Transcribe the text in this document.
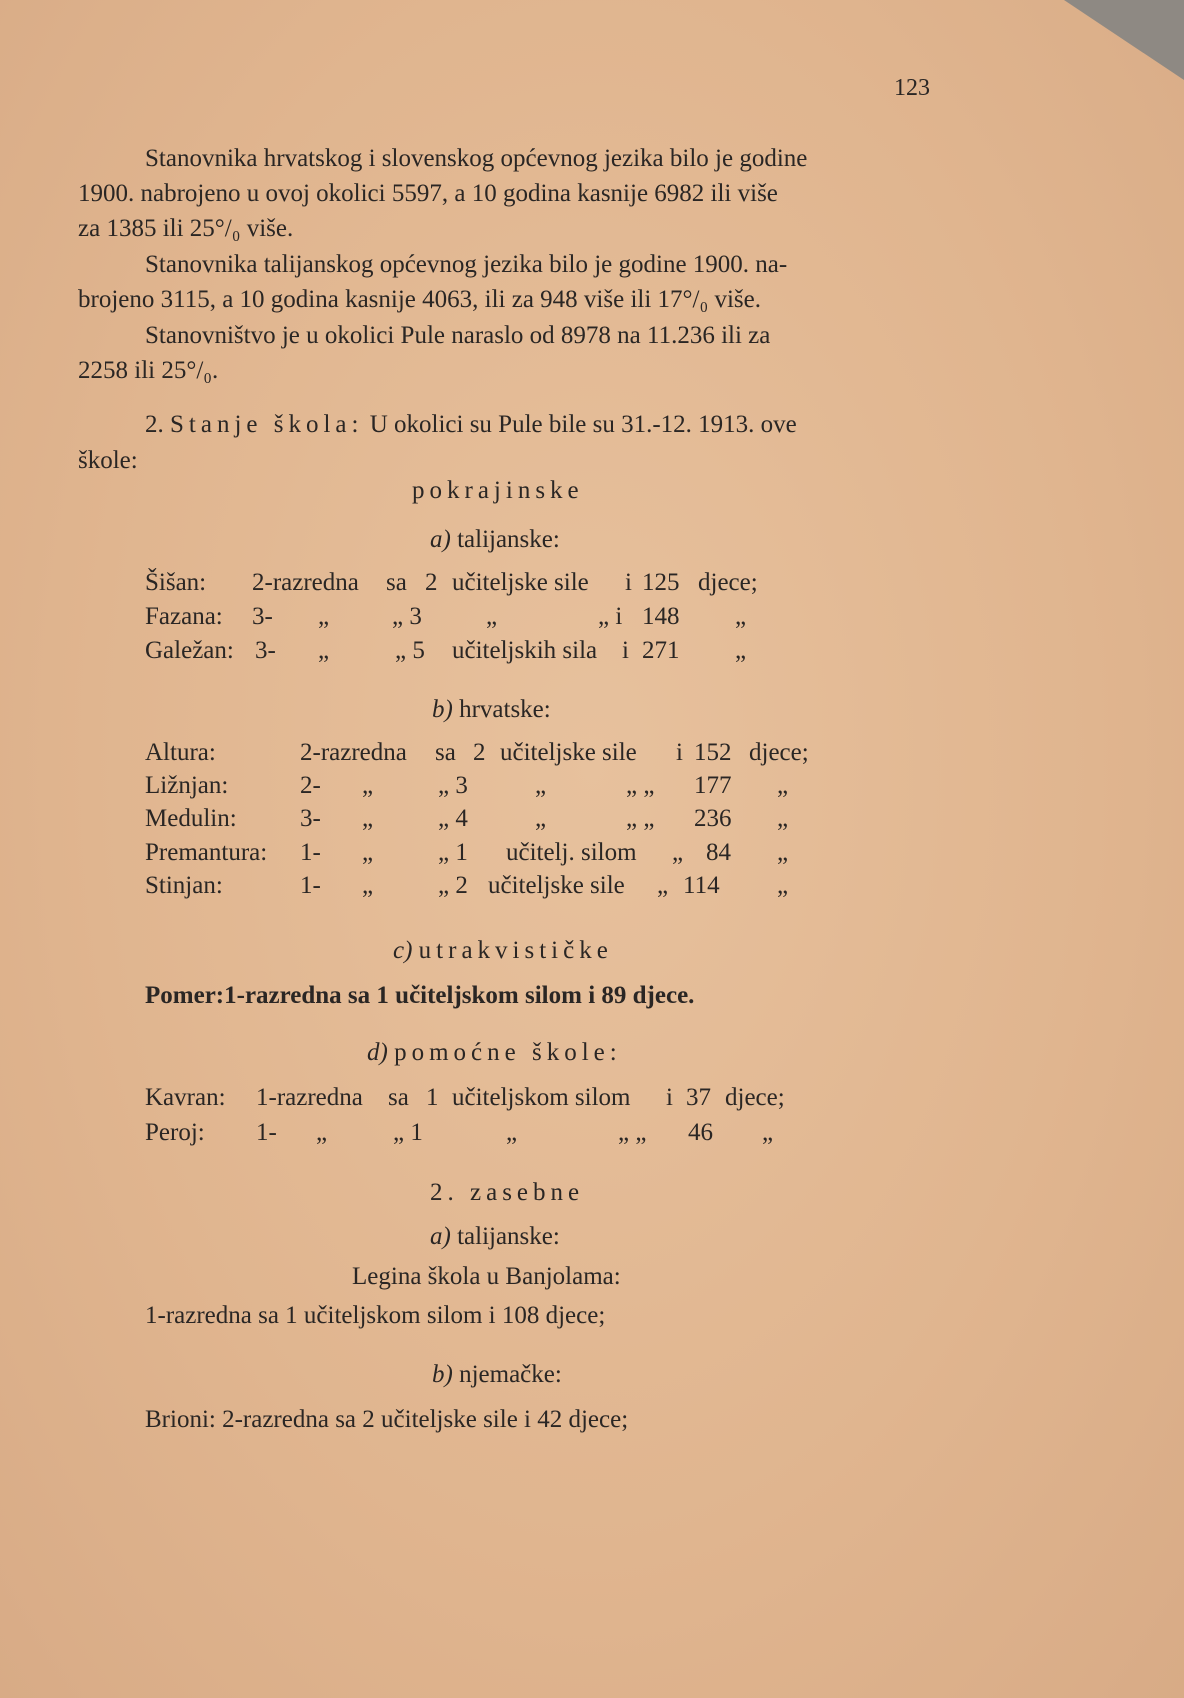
123
Stanovnika hrvatskog i slovenskog općevnog jezika bilo je godine
1900. nabrojeno u ovoj okolici 5597, a 10 godina kasnije 6982 ili više
za 1385 ili 25°/₀ više.
Stanovnika talijanskog općevnog jezika bilo je godine 1900. na-
brojeno 3115, a 10 godina kasnije 4063, ili za 948 više ili 17°/₀ više.
Stanovništvo je u okolici Pule naraslo od 8978 na 11.236 ili za
2258 ili 25°/₀.
2. Stanje škola: U okolici su Pule bile su 31.-12. 1913. ove
škole:
pokrajinske
a) talijanske:
Šišan: 2-razredna sa 2 učiteljske sile i 125 djece;
Fazana: 3- „	„ 3	„	„ i 148 „
Galežan: 3- „	„ 5 učiteljskih sila i 271 „
b) hrvatske:
Altura:	2-razredna sa 2 učiteljske sile i 152 djece;
Ližnjan:	2- „	„ 3	„	„ „ 177 „
Medulin:	3- „	„ 4	„	„ „ 236 „
Premantura: 1- „	„ 1 učitelj. silom „ 84 „
Stinjan:	1- „	„ 2 učiteljske sile „ 114 „
c) utrakvističke
Pomer:1-razredna sa 1 učiteljskom silom i 89 djece.
d) pomoćne škole:
Kavran: 1-razredna sa 1 učiteljskom silom i 37 djece;
Peroj: 1- „	„ 1	„	„ „ 46 „
2. zasebne
a) talijanske:
Legina škola u Banjolama:
1-razredna sa 1 učiteljskom silom i 108 djece;
b) njemačke:
Brioni: 2-razredna sa 2 učiteljske sile i 42 djece;
